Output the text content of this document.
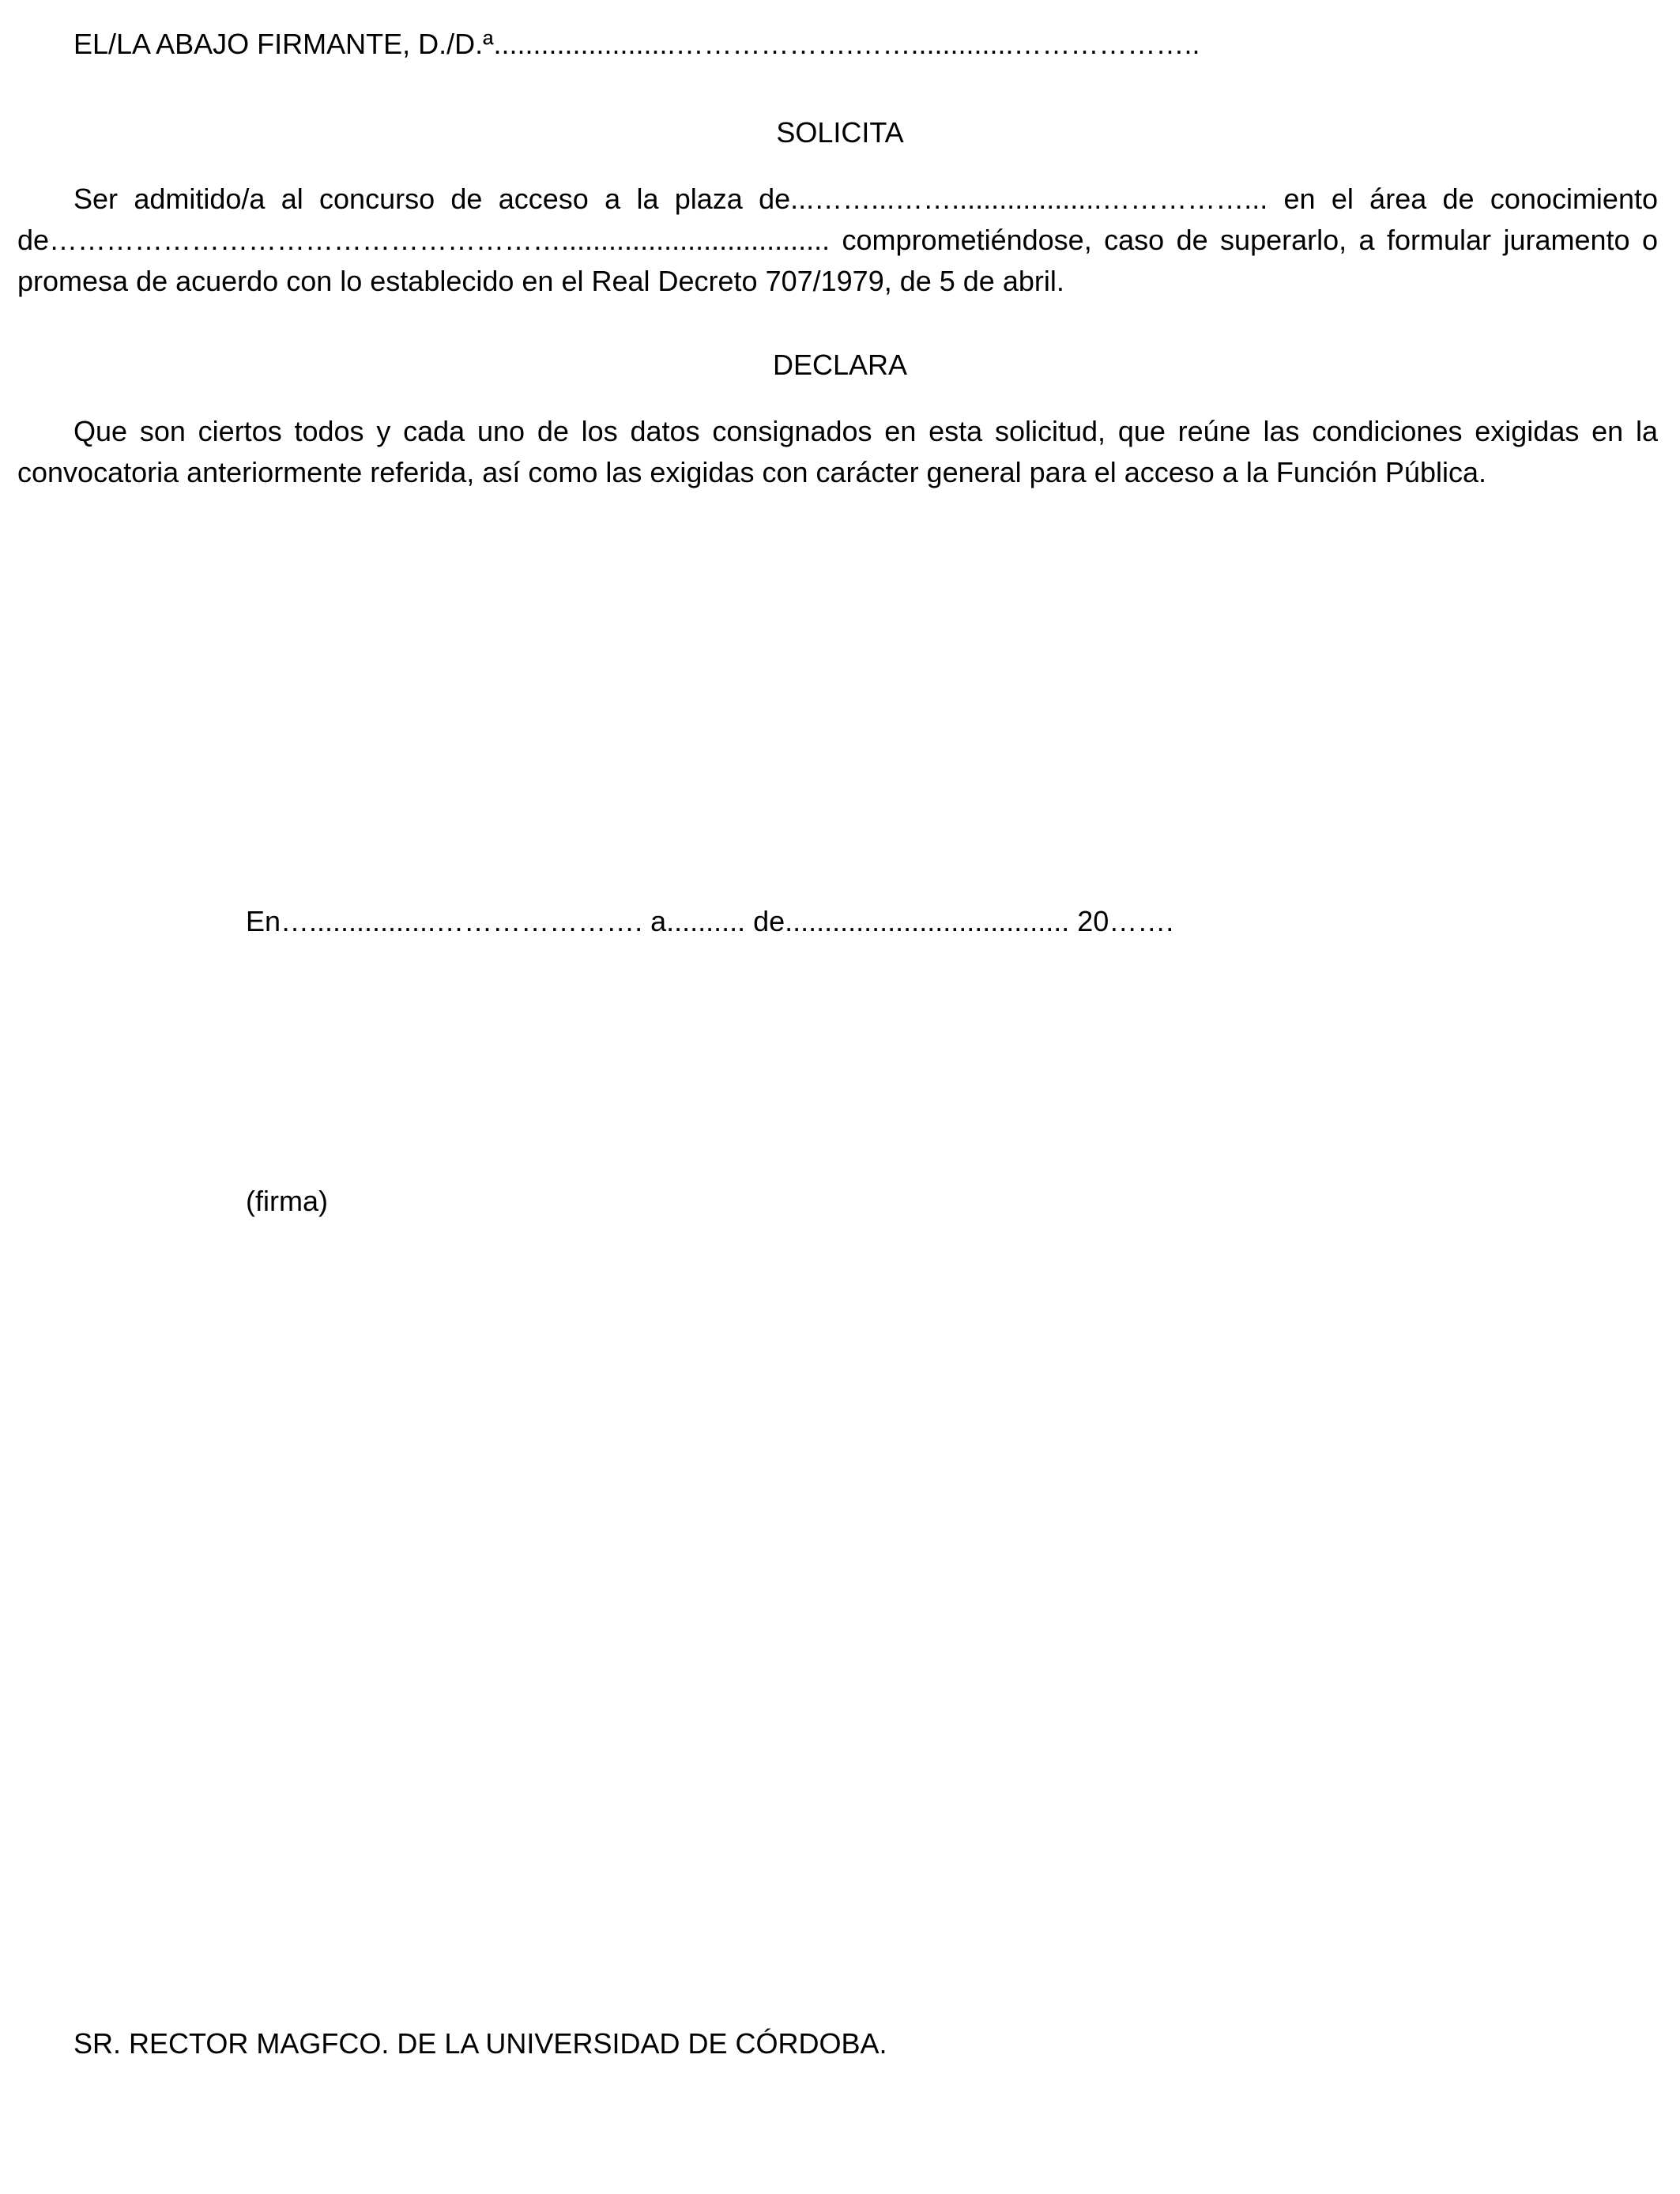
EL/LA ABAJO FIRMANTE, D./D.ª.......................……………….…….............………………..
SOLICITA
Ser admitido/a al concurso de acceso a la plaza de...……...……...................……………... en el área de conocimiento de……………………………………………….................................. comprometiéndose, caso de superarlo, a formular juramento o promesa de acuerdo con lo establecido en el Real Decreto 707/1979, de 5 de abril.
DECLARA
Que son ciertos todos y cada uno de los datos consignados en esta solicitud, que reúne las condiciones exigidas en la convocatoria anteriormente referida, así como las exigidas con carácter general para el acceso a la Función Pública.
En…................…………………. a.......... de.................................... 20…….
(firma)
SR. RECTOR MAGFCO. DE LA UNIVERSIDAD DE CÓRDOBA.
